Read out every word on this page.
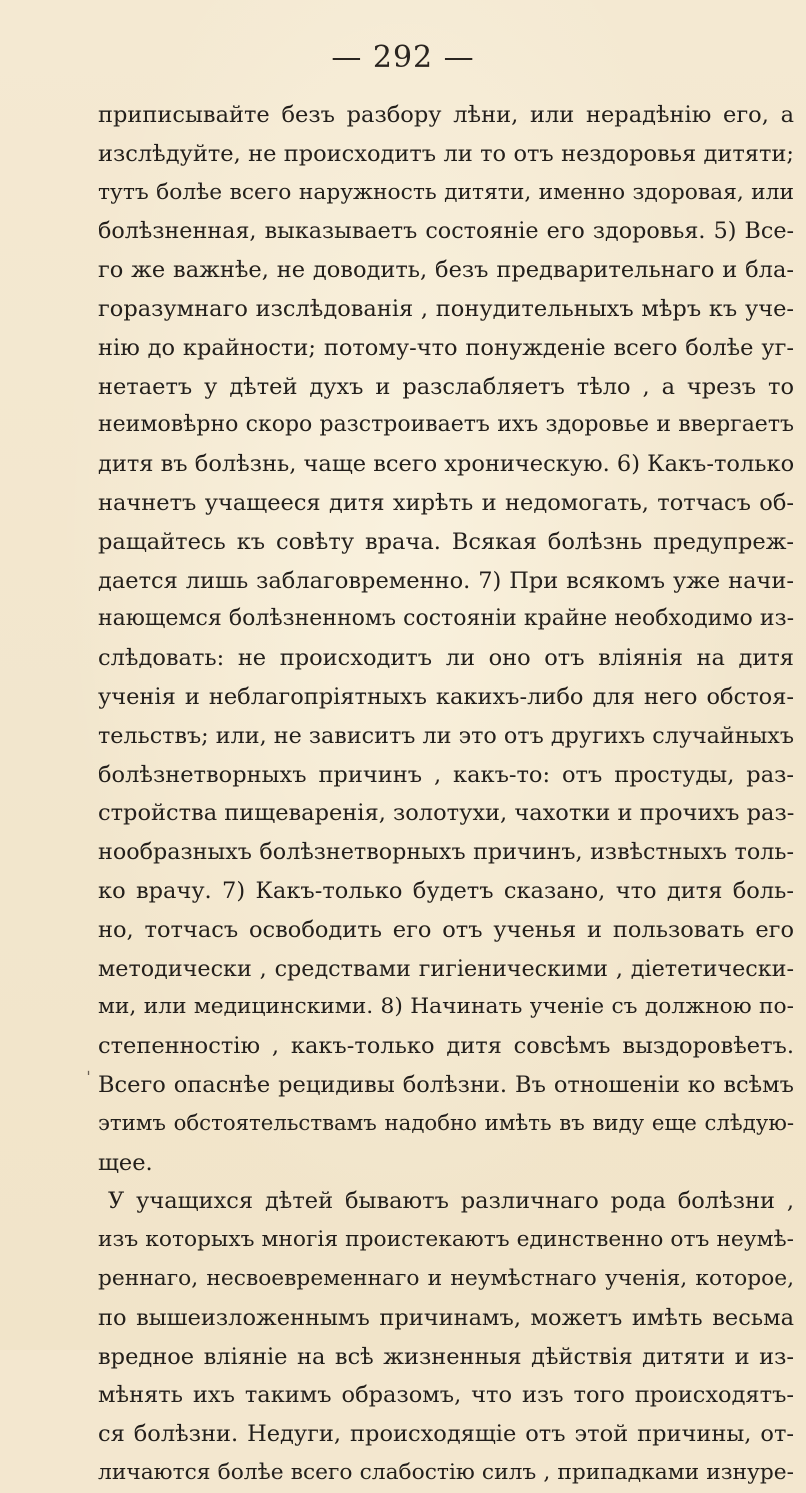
— 292 —
приписывайте безъ разбору лѣни, или нерадѣнію его, а
изслѣдуйте, не происходитъ ли то отъ нездоровья дитяти;
тутъ болѣе всего наружность дитяти, именно здоровая, или
болѣзненная, выказываетъ состояніе его здоровья. 5) Все-
го же важнѣе, не доводить, безъ предварительнаго и бла-
горазумнаго изслѣдованія , понудительныхъ мѣръ къ уче-
нію до крайности; потому-что понужденіе всего болѣе уг-
нетаетъ у дѣтей духъ и разслабляетъ тѣло , а чрезъ то
неимовѣрно скоро разстроиваетъ ихъ здоровье и ввергаетъ
дитя въ болѣзнь, чаще всего хроническую. 6) Какъ-только
начнетъ учащееся дитя хирѣть и недомогать, тотчасъ об-
ращайтесь къ совѣту врача. Всякая болѣзнь предупреж-
дается лишь заблаговременно. 7) При всякомъ уже начи-
нающемся болѣзненномъ состояніи крайне необходимо из-
слѣдовать: не происходитъ ли оно отъ вліянія на дитя
ученія и неблагопріятныхъ какихъ-либо для него обстоя-
тельствъ; или, не зависитъ ли это отъ другихъ случайныхъ
болѣзнетворныхъ причинъ , какъ-то: отъ простуды, раз-
стройства пищеваренія, золотухи, чахотки и прочихъ раз-
нообразныхъ болѣзнетворныхъ причинъ, извѣстныхъ толь-
ко врачу. 7) Какъ-только будетъ сказано, что дитя боль-
но, тотчасъ освободить его отъ ученья и пользовать его
методически , средствами гигіеническими , діететически-
ми, или медицинскими. 8) Начинать ученіе съ должною по-
степенностію , какъ-только дитя совсѣмъ выздоровѣетъ.
Всего опаснѣе рецидивы болѣзни. Въ отношеніи ко всѣмъ
этимъ обстоятельствамъ надобно имѣть въ виду еще слѣдую-
щее.
У учащихся дѣтей бываютъ различнаго рода болѣзни ,
изъ которыхъ многія проистекаютъ единственно отъ неумѣ-
реннаго, несвоевременнаго и неумѣстнаго ученія, которое,
по вышеизложеннымъ причинамъ, можетъ имѣть весьма
вредное вліяніе на всѣ жизненныя дѣйствія дитяти и из-
мѣнять ихъ такимъ образомъ, что изъ того происходятъ-
ся болѣзни. Недуги, происходящіе отъ этой причины, от-
личаются болѣе всего слабостію силъ , припадками изнуре-
ˌ
